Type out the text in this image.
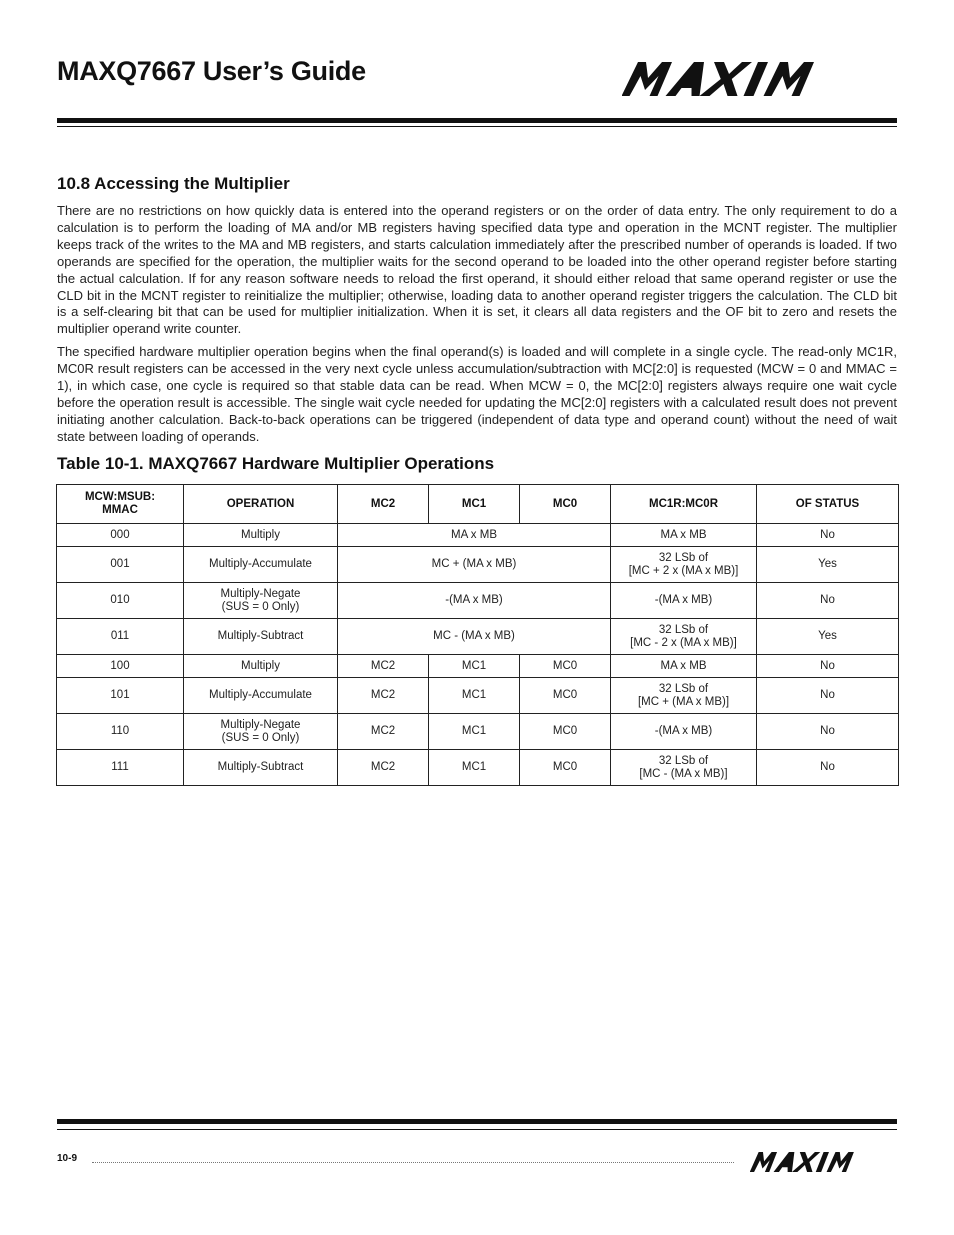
MAXQ7667 User’s Guide
10.8 Accessing the Multiplier

There are no restrictions on how quickly data is entered into the operand registers or on the order of data entry. The only requirement to do a calculation is to perform the loading of MA and/or MB registers having specified data type and operation in the MCNT register. The multiplier keeps track of the writes to the MA and MB registers, and starts calculation immediately after the prescribed number of operands is loaded. If two operands are specified for the operation, the multiplier waits for the second operand to be loaded into the other operand register before starting the actual calculation. If for any reason software needs to reload the first operand, it should either reload that same operand register or use the CLD bit in the MCNT register to reinitialize the multiplier; otherwise, loading data to another operand register triggers the calculation. The CLD bit is a self-clearing bit that can be used for multiplier initialization. When it is set, it clears all data registers and the OF bit to zero and resets the multiplier operand write counter.

The specified hardware multiplier operation begins when the final operand(s) is loaded and will complete in a single cycle. The read-only MC1R, MC0R result registers can be accessed in the very next cycle unless accumulation/subtraction with MC[2:0] is requested (MCW = 0 and MMAC = 1), in which case, one cycle is required so that stable data can be read. When MCW = 0, the MC[2:0] registers always require one wait cycle before the operation result is accessible. The single wait cycle needed for updating the MC[2:0] registers with a calculated result does not prevent initiating another calculation. Back-to-back operations can be triggered (independent of data type and operand count) without the need of wait state between loading of operands.

Table 10-1. MAXQ7667 Hardware Multiplier Operations
MCW:MSUB:
MMAC	OPERATION	MC2	MC1	MC0	MC1R:MC0R	OF STATUS
000	Multiply	MA x MB			MA x MB	No
001	Multiply-Accumulate	MC + (MA x MB)			32 LSb of
[MC + 2 x (MA x MB)]	Yes
010	Multiply-Negate
(SUS = 0 Only)	-(MA x MB)			-(MA x MB)	No
011	Multiply-Subtract	MC - (MA x MB)			32 LSb of
[MC - 2 x (MA x MB)]	Yes
100	Multiply	MC2	MC1	MC0	MA x MB	No
101	Multiply-Accumulate	MC2	MC1	MC0	32 LSb of
[MC + (MA x MB)]	No
110	Multiply-Negate
(SUS = 0 Only)	MC2	MC1	MC0	-(MA x MB)	No
111	Multiply-Subtract	MC2	MC1	MC0	32 LSb of
[MC - (MA x MB)]	No
10-9
